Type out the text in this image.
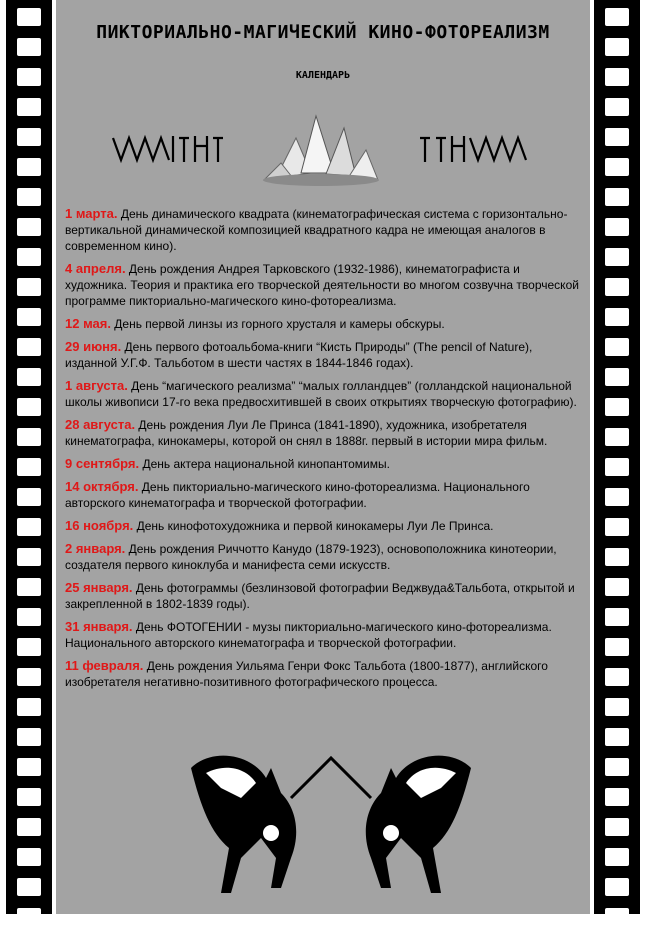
ПИКТОРИАЛЬНО-МАГИЧЕСКИЙ КИНО-ФОТОРЕАЛИЗМ
КАЛЕНДАРЬ
1 марта. День динамического квадрата (кинематографическая система с горизонтально-вертикальной динамической композицией квадратного кадра не имеющая аналогов в современном кино).
4 апреля. День рождения Андрея Тарковского (1932-1986), кинематографиста и художника. Теория и практика его творческой деятельности во многом созвучна творческой программе пикториально-магического кино-фотореализма.
12 мая. День первой линзы из горного хрусталя и камеры обскуры.
29 июня. День первого фотоальбома-книги “Кисть Природы” (The pencil of Nature), изданной У.Г.Ф. Тальботом в шести частях в 1844-1846 годах).
1 августа. День “магического реализма” “малых голландцев” (голландской национальной школы живописи 17-го века предвосхитившей в своих открытиях творческую фотографию).
28 августа. День рождения Луи Ле Принса (1841-1890), художника, изобретателя кинематографа, кинокамеры, которой он снял в 1888г. первый в истории мира фильм.
9 сентября. День актера национальной кинопантомимы.
14 октября. День пикториально-магического кино-фотореализма. Национального авторского кинематографа и творческой фотографии.
16 ноября. День кинофотохудожника и первой кинокамеры Луи Ле Принса.
2 января. День рождения Риччотто Канудо (1879-1923), основоположника кинотеории, создателя первого киноклуба и манифеста семи искусств.
25 января. День фотограммы (безлинзовой фотографии Веджвуда&Тальбота, открытой и закрепленной в 1802-1839 годы).
31 января. День ФОТОГЕНИИ - музы пикториально-магического кино-фотореализма. Национального авторского кинематографа и творческой фотографии.
11 февраля. День рождения Уильяма Генри Фокс Тальбота (1800-1877), английского изобретателя негативно-позитивного фотографического процесса.
